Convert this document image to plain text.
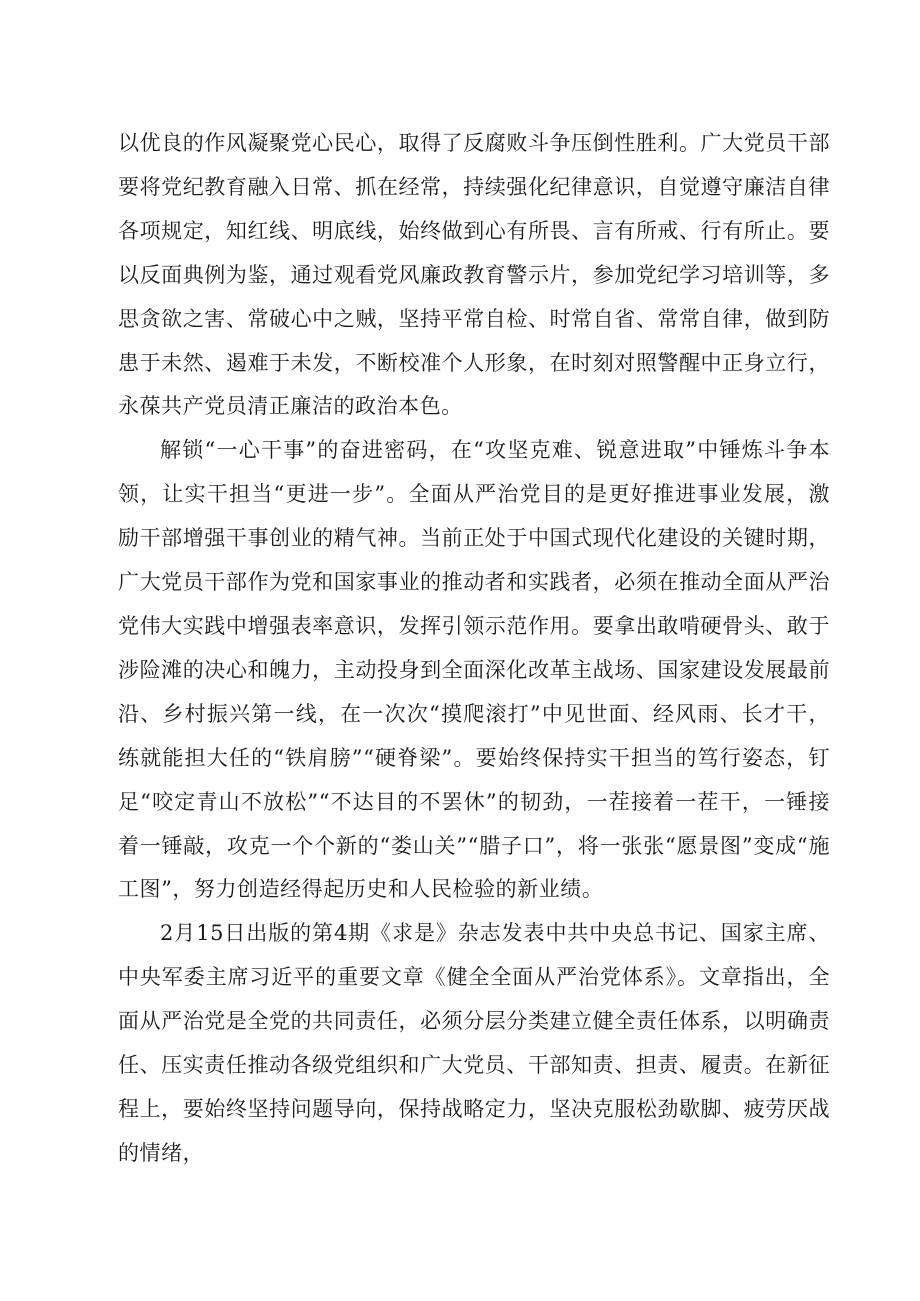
以优良的作风凝聚党心民心，取得了反腐败斗争压倒性胜利。广大党员干部要将党纪教育融入日常、抓在经常，持续强化纪律意识，自觉遵守廉洁自律各项规定，知红线、明底线，始终做到心有所畏、言有所戒、行有所止。要以反面典例为鉴，通过观看党风廉政教育警示片，参加党纪学习培训等，多思贪欲之害、常破心中之贼，坚持平常自检、时常自省、常常自律，做到防患于未然、遏难于未发，不断校准个人形象，在时刻对照警醒中正身立行，永葆共产党员清正廉洁的政治本色。

解锁“一心干事”的奋进密码，在“攻坚克难、锐意进取”中锤炼斗争本领，让实干担当“更进一步”。全面从严治党目的是更好推进事业发展，激励干部增强干事创业的精气神。当前正处于中国式现代化建设的关键时期，广大党员干部作为党和国家事业的推动者和实践者，必须在推动全面从严治党伟大实践中增强表率意识，发挥引领示范作用。要拿出敢啃硬骨头、敢于涉险滩的决心和魄力，主动投身到全面深化改革主战场、国家建设发展最前沿、乡村振兴第一线，在一次次“摸爬滚打”中见世面、经风雨、长才干，练就能担大任的“铁肩膀”“硬脊梁”。要始终保持实干担当的笃行姿态，钉足“咬定青山不放松”“不达目的不罢休”的韧劲，一茬接着一茬干，一锤接着一锤敲，攻克一个个新的“娄山关”“腊子口”，将一张张“愿景图”变成“施工图”，努力创造经得起历史和人民检验的新业绩。

2月15日出版的第4期《求是》杂志发表中共中央总书记、国家主席、中央军委主席习近平的重要文章《健全全面从严治党体系》。文章指出，全面从严治党是全党的共同责任，必须分层分类建立健全责任体系，以明确责任、压实责任推动各级党组织和广大党员、干部知责、担责、履责。在新征程上，要始终坚持问题导向，保持战略定力，坚决克服松劲歇脚、疲劳厌战的情绪，
